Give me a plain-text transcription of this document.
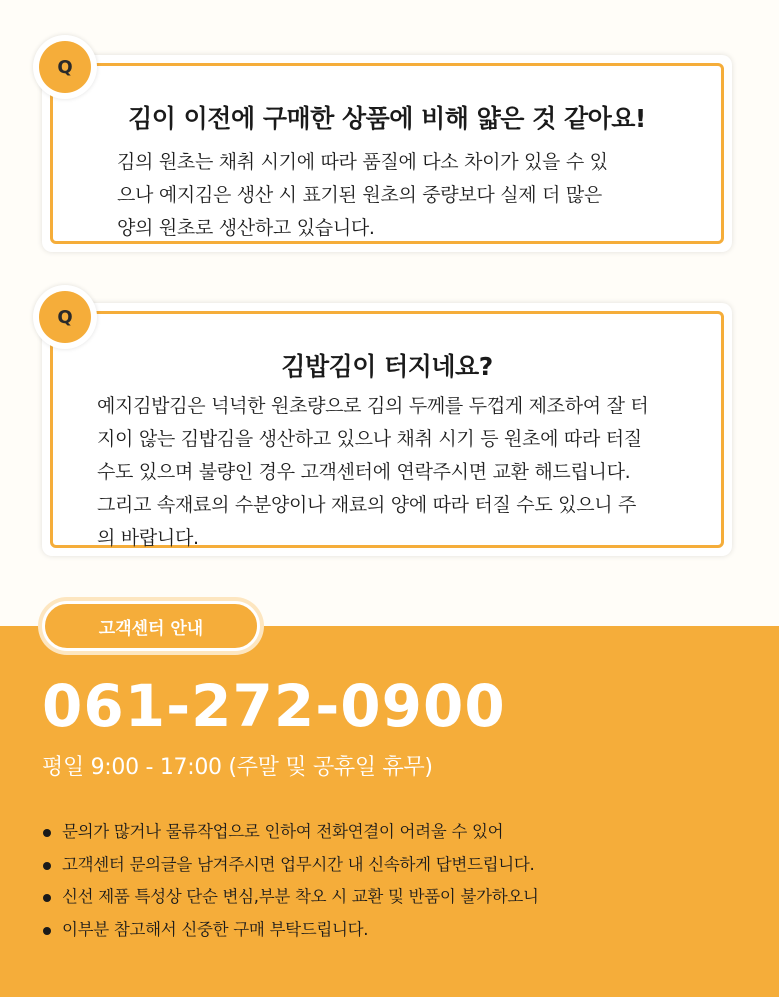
김이 이전에 구매한 상품에 비해 얇은 것 같아요!
김의 원초는 채취 시기에 따라 품질에 다소 차이가 있을 수 있
으나 예지김은 생산 시 표기된 원초의 중량보다 실제 더 많은
양의 원초로 생산하고 있습니다.
Q
김밥김이 터지네요?
예지김밥김은 넉넉한 원초량으로 김의 두께를 두껍게 제조하여 잘 터
지이 않는 김밥김을 생산하고 있으나 채취 시기 등 원초에 따라 터질
수도 있으며 불량인 경우 고객센터에 연락주시면 교환 해드립니다.
그리고 속재료의 수분양이나 재료의 양에 따라 터질 수도 있으니 주
의 바랍니다.
Q
고객센터 안내
061-272-0900
평일 9:00 - 17:00 (주말 및 공휴일 휴무)
문의가 많거나 물류작업으로 인하여 전화연결이 어려울 수 있어
고객센터 문의글을 남겨주시면 업무시간 내 신속하게 답변드립니다.
신선 제품 특성상 단순 변심,부분 착오 시 교환 및 반품이 불가하오니
이부분 참고해서 신중한 구매 부탁드립니다.
